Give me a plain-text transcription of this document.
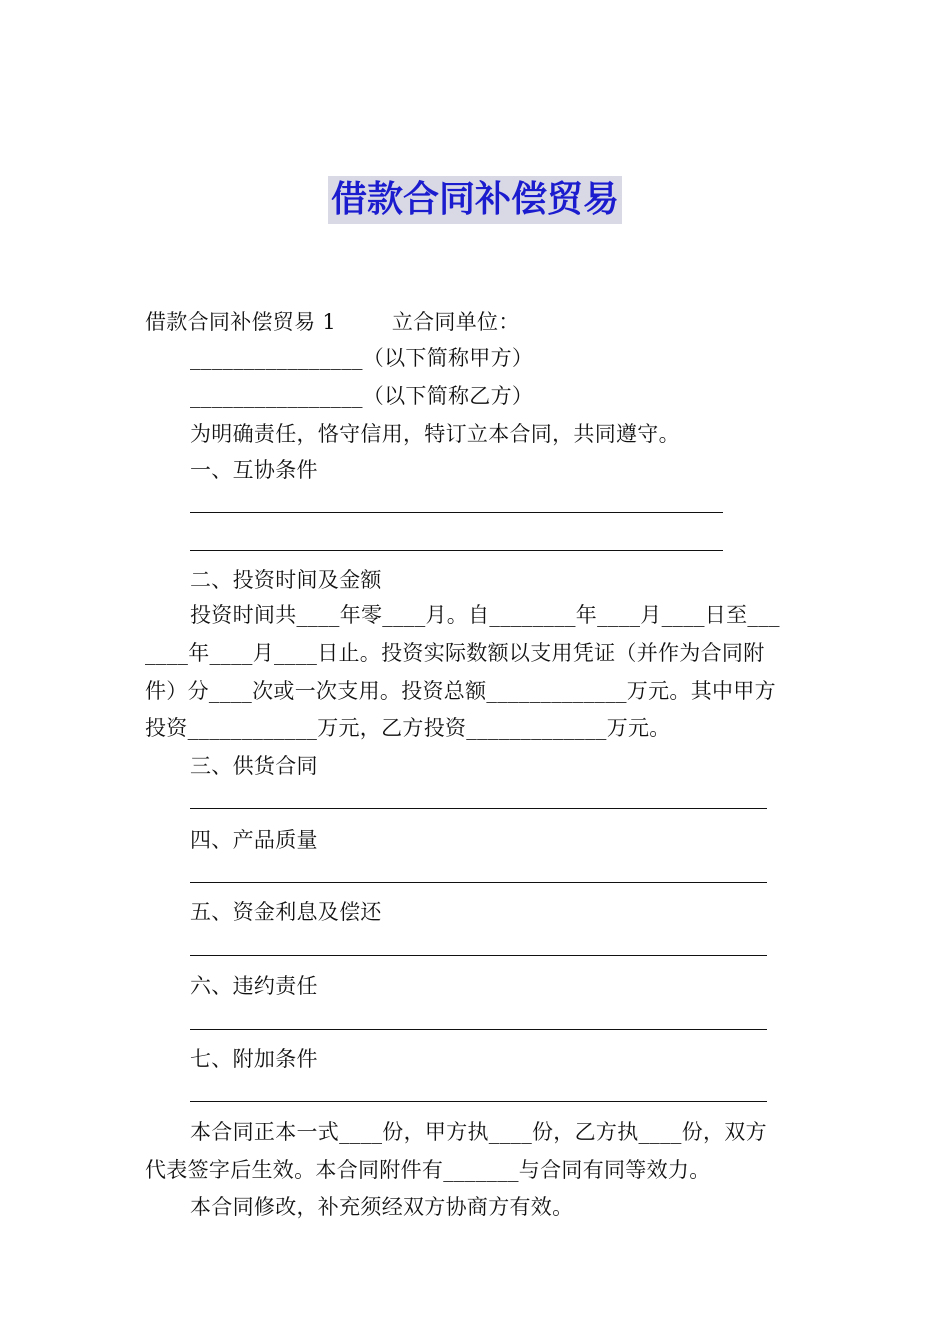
借款合同补偿贸易
借款合同补偿贸易 1        立合同单位：
________________（以下简称甲方）
________________（以下简称乙方）
为明确责任，恪守信用，特订立本合同，共同遵守。
一、互协条件
二、投资时间及金额
投资时间共____年零____月。自________年____月____日至___
____年____月____日止。投资实际数额以支用凭证（并作为合同附
件）分____次或一次支用。投资总额_____________万元。其中甲方
投资____________万元，乙方投资_____________万元。
三、供货合同
四、产品质量
五、资金利息及偿还
六、违约责任
七、附加条件
本合同正本一式____份，甲方执____份，乙方执____份，双方
代表签字后生效。本合同附件有_______与合同有同等效力。
本合同修改，补充须经双方协商方有效。
